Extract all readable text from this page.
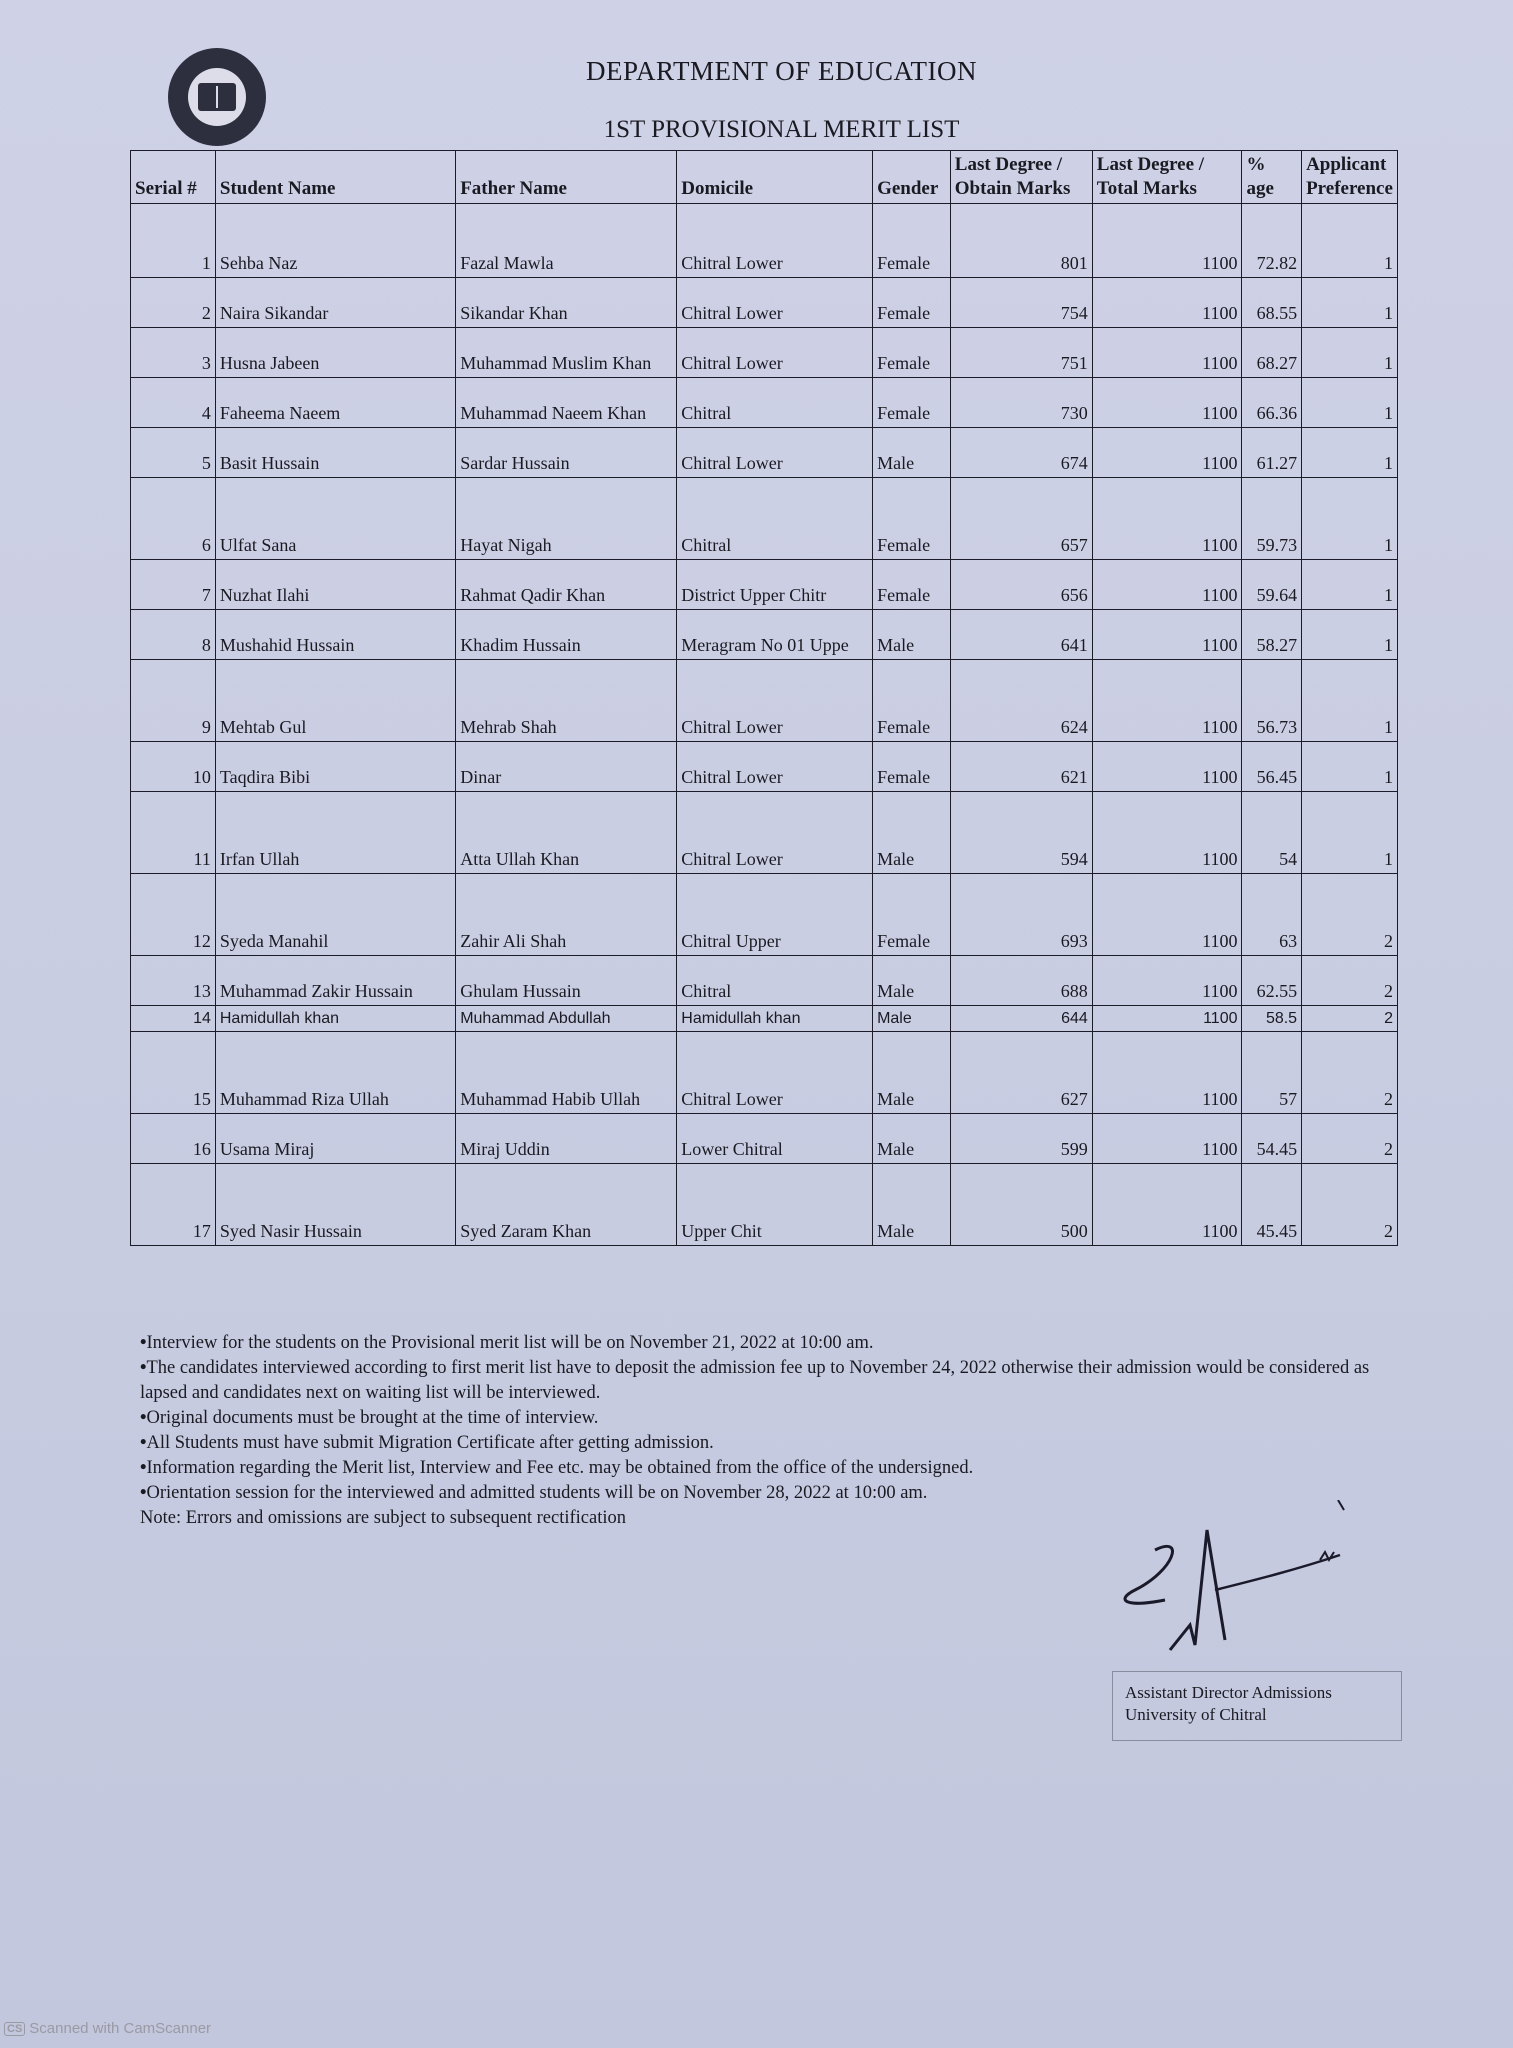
DEPARTMENT OF EDUCATION
1ST PROVISIONAL MERIT LIST
Serial #	Student Name	Father Name	Domicile	Gender	Last Degree / Obtain Marks	Last Degree / Total Marks	% age	Applicant Preference
1	Sehba Naz	Fazal Mawla	Chitral Lower	Female	801	1100	72.82	1
2	Naira Sikandar	Sikandar Khan	Chitral Lower	Female	754	1100	68.55	1
3	Husna Jabeen	Muhammad Muslim Khan	Chitral Lower	Female	751	1100	68.27	1
4	Faheema Naeem	Muhammad Naeem Khan	Chitral	Female	730	1100	66.36	1
5	Basit Hussain	Sardar Hussain	Chitral Lower	Male	674	1100	61.27	1
6	Ulfat Sana	Hayat Nigah	Chitral	Female	657	1100	59.73	1
7	Nuzhat Ilahi	Rahmat Qadir Khan	District Upper Chitr	Female	656	1100	59.64	1
8	Mushahid Hussain	Khadim Hussain	Meragram No 01 Uppe	Male	641	1100	58.27	1
9	Mehtab Gul	Mehrab Shah	Chitral Lower	Female	624	1100	56.73	1
10	Taqdira Bibi	Dinar	Chitral Lower	Female	621	1100	56.45	1
11	Irfan Ullah	Atta Ullah Khan	Chitral Lower	Male	594	1100	54	1
12	Syeda Manahil	Zahir Ali Shah	Chitral Upper	Female	693	1100	63	2
13	Muhammad Zakir Hussain	Ghulam Hussain	Chitral	Male	688	1100	62.55	2
14	Hamidullah khan	Muhammad Abdullah	Hamidullah khan	Male	644	1100	58.5	2
15	Muhammad Riza Ullah	Muhammad Habib Ullah	Chitral Lower	Male	627	1100	57	2
16	Usama Miraj	Miraj Uddin	Lower Chitral	Male	599	1100	54.45	2
17	Syed Nasir Hussain	Syed Zaram Khan	Upper Chit	Male	500	1100	45.45	2
• Interview for the students on the Provisional merit list will be on November 21, 2022 at 10:00 am.
• The candidates interviewed according to first merit list have to deposit the admission fee up to November 24, 2022 otherwise their admission would be considered as lapsed and candidates next on waiting list will be interviewed.
• Original documents must be brought at the time of interview.
• All Students must have submit Migration Certificate after getting admission.
• Information regarding the Merit list, Interview and Fee etc. may be obtained from the office of the undersigned.
• Orientation session for the interviewed and admitted students will be on November 28, 2022 at 10:00 am.
Note: Errors and omissions are subject to subsequent rectification
Assistant Director Admissions
University of Chitral
CS Scanned with CamScanner
